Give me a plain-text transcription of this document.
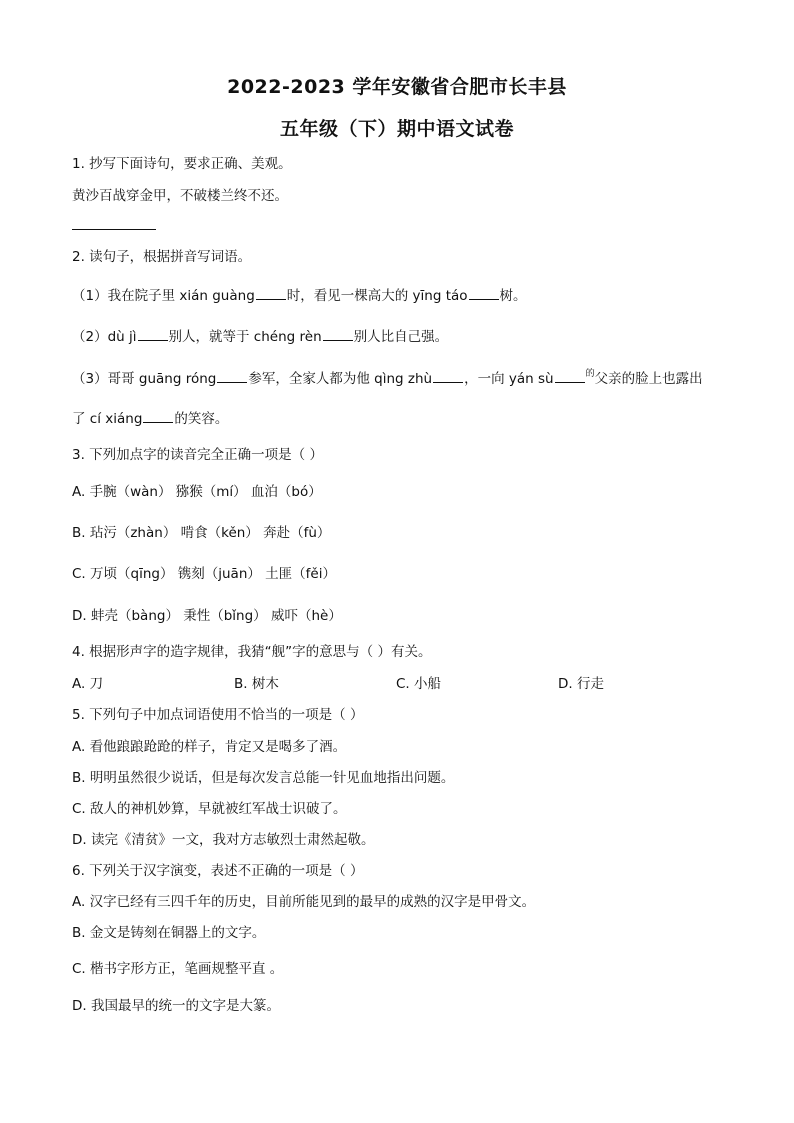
2022-2023 学年安徽省合肥市长丰县
五年级（下）期中语文试卷
1. 抄写下面诗句，要求正确、美观。
黄沙百战穿金甲，不破楼兰终不还。
2. 读句子，根据拼音写词语。
（1）我在院子里 xián guàng 时，看见一棵高大的 yīng táo 树。
（2）dù jì 别人，就等于 chéng rèn 别人比自己强。
（3）哥哥 guāng róng 参军，全家人都为他 qìng zhù ，一向 yán sù	$^的$父亲的脸上也露出
了 cí xiáng 的笑容。
3. 下列加点字的读音完全正确一项是（ ）
A. 手腕（wàn） 猕猴（mí） 血泊（bó）
B. 玷污（zhàn） 啃食（kěn） 奔赴（fù）
C. 万顷（qīng） 镌刻（juān） 土匪（fěi）
D. 蚌壳（bàng） 秉性（bǐng） 威吓（hè）
4. 根据形声字的造字规律，我猜“舰”字的意思与（ ）有关。
A. 刀	B. 树木	C. 小船	D. 行走
5. 下列句子中加点词语使用不恰当的一项是（ ）
A. 看他踉踉跄跄的样子，肯定又是喝多了酒。
B. 明明虽然很少说话，但是每次发言总能一针见血地指出问题。
C. 敌人的神机妙算，早就被红军战士识破了。
D. 读完《清贫》一文，我对方志敏烈士肃然起敬。
6. 下列关于汉字演变，表述不正确的一项是（ ）
A. 汉字已经有三四千年的历史，目前所能见到的最早的成熟的汉字是甲骨文。
B. 金文是铸刻在铜器上的文字。
C. 楷书字形方正，笔画规整平直 。
D. 我国最早的统一的文字是大篆。
